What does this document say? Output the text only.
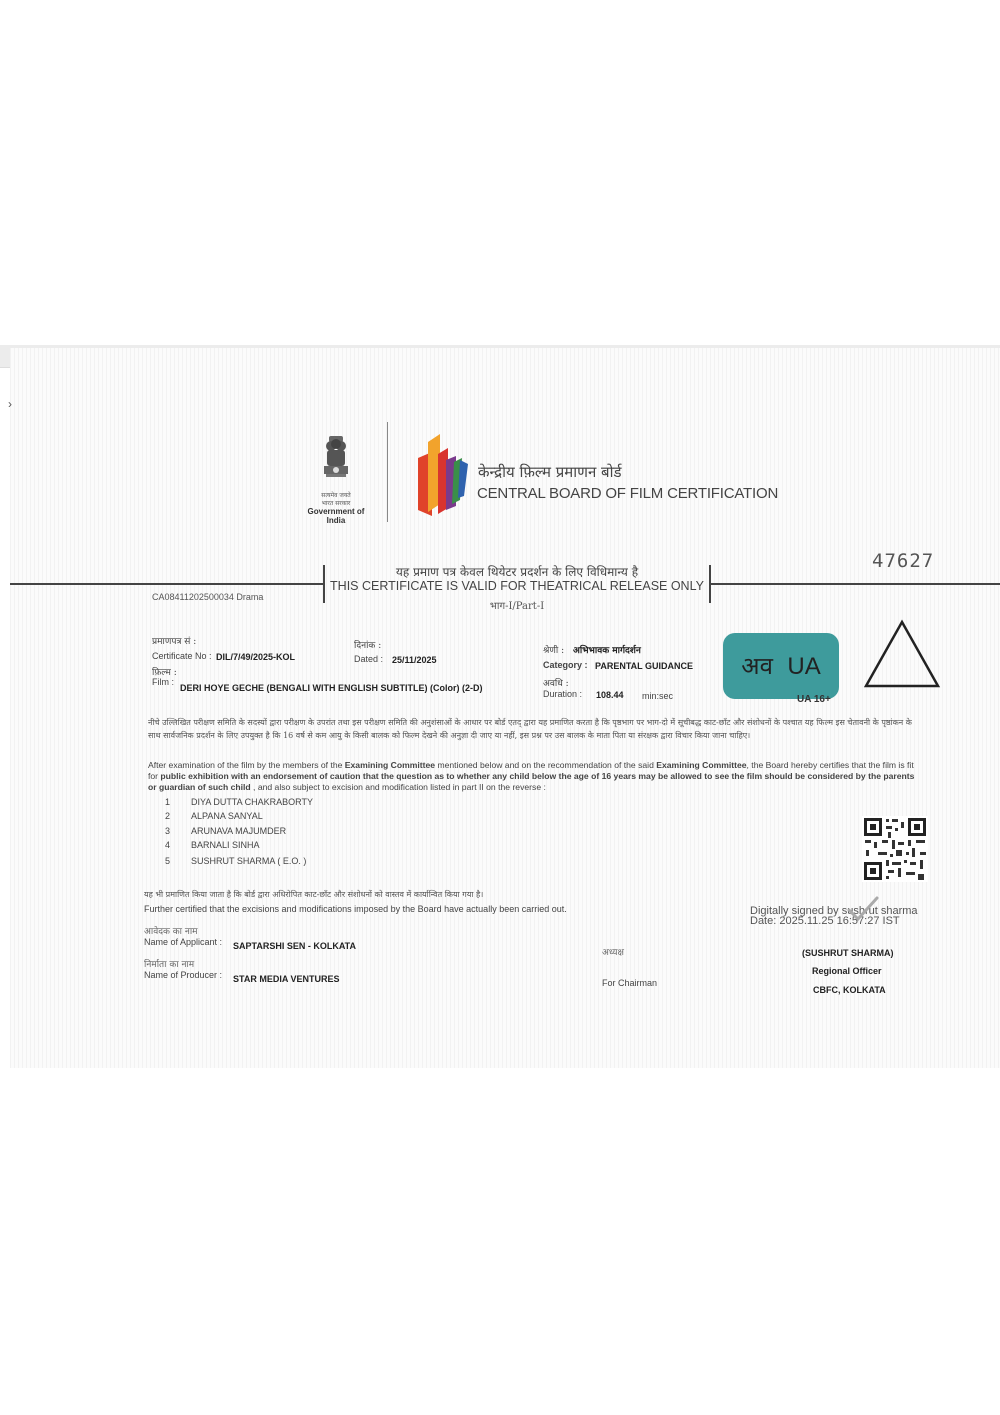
›
सत्यमेव जयते
भारत सरकार
Government of India
केन्द्रीय फ़िल्म प्रमाणन बोर्ड
CENTRAL BOARD OF FILM CERTIFICATION
47627
यह प्रमाण पत्र केवल थियेटर प्रदर्शन के लिए विधिमान्य है
THIS CERTIFICATE IS VALID FOR THEATRICAL RELEASE ONLY
भाग-I/Part-I
CA08411202500034 Drama
प्रमाणपत्र सं :
Certificate No : DIL/7/49/2025-KOL
दिनांक :
Dated : 25/11/2025
फ़िल्म :
Film :
DERI HOYE GECHE (BENGALI WITH ENGLISH SUBTITLE) (Color) (2-D)
श्रेणी : अभिभावक मार्गदर्शन
Category : PARENTAL GUIDANCE
अवधि :
Duration : 108.44 min:sec
अव UA
UA 16+
नीचे उल्लिखित परीक्षण समिति के सदस्यों द्वारा परीक्षण के उपरांत तथा इस परीक्षण समिति की अनुशंसाओं के आधार पर बोर्ड एतद् द्वारा यह प्रमाणित करता है कि पृष्ठभाग पर भाग-दो में सूचीबद्ध काट-छाँट और संशोधनों के पश्चात यह फिल्म इस चेतावनी के पृष्ठांकन के साथ सार्वजनिक प्रदर्शन के लिए उपयुक्त है कि 16 वर्ष से कम आयु के किसी बालक को फिल्म देखने की अनुज्ञा दी जाए या नहीं, इस प्रश्न पर उस बालक के माता पिता या संरक्षक द्वारा विचार किया जाना चाहिए।
After examination of the film by the members of the Examining Committee mentioned below and on the recommendation of the said Examining Committee, the Board hereby certifies that the film is fit for public exhibition with an endorsement of caution that the question as to whether any child below the age of 16 years may be allowed to see the film should be considered by the parents or guardian of such child , and also subject to excision and modification listed in part II on the reverse :
1 DIYA DUTTA CHAKRABORTY
2 ALPANA SANYAL
3 ARUNAVA MAJUMDER
4 BARNALI SINHA
5 SUSHRUT SHARMA ( E.O. )
यह भी प्रमाणित किया जाता है कि बोर्ड द्वारा अधिरोपित काट-छाँट और संशोधनों को वास्तव में कार्यान्वित किया गया है।
Further certified that the excisions and modifications imposed by the Board have actually been carried out.
आवेदक का नाम
Name of Applicant : SAPTARSHI SEN - KOLKATA
निर्माता का नाम
Name of Producer : STAR MEDIA VENTURES
अध्यक्ष
For Chairman
Digitally signed by sushrut sharma
Date: 2025.11.25 16:57:27 IST
(SUSHRUT SHARMA)
Regional Officer
CBFC, KOLKATA
